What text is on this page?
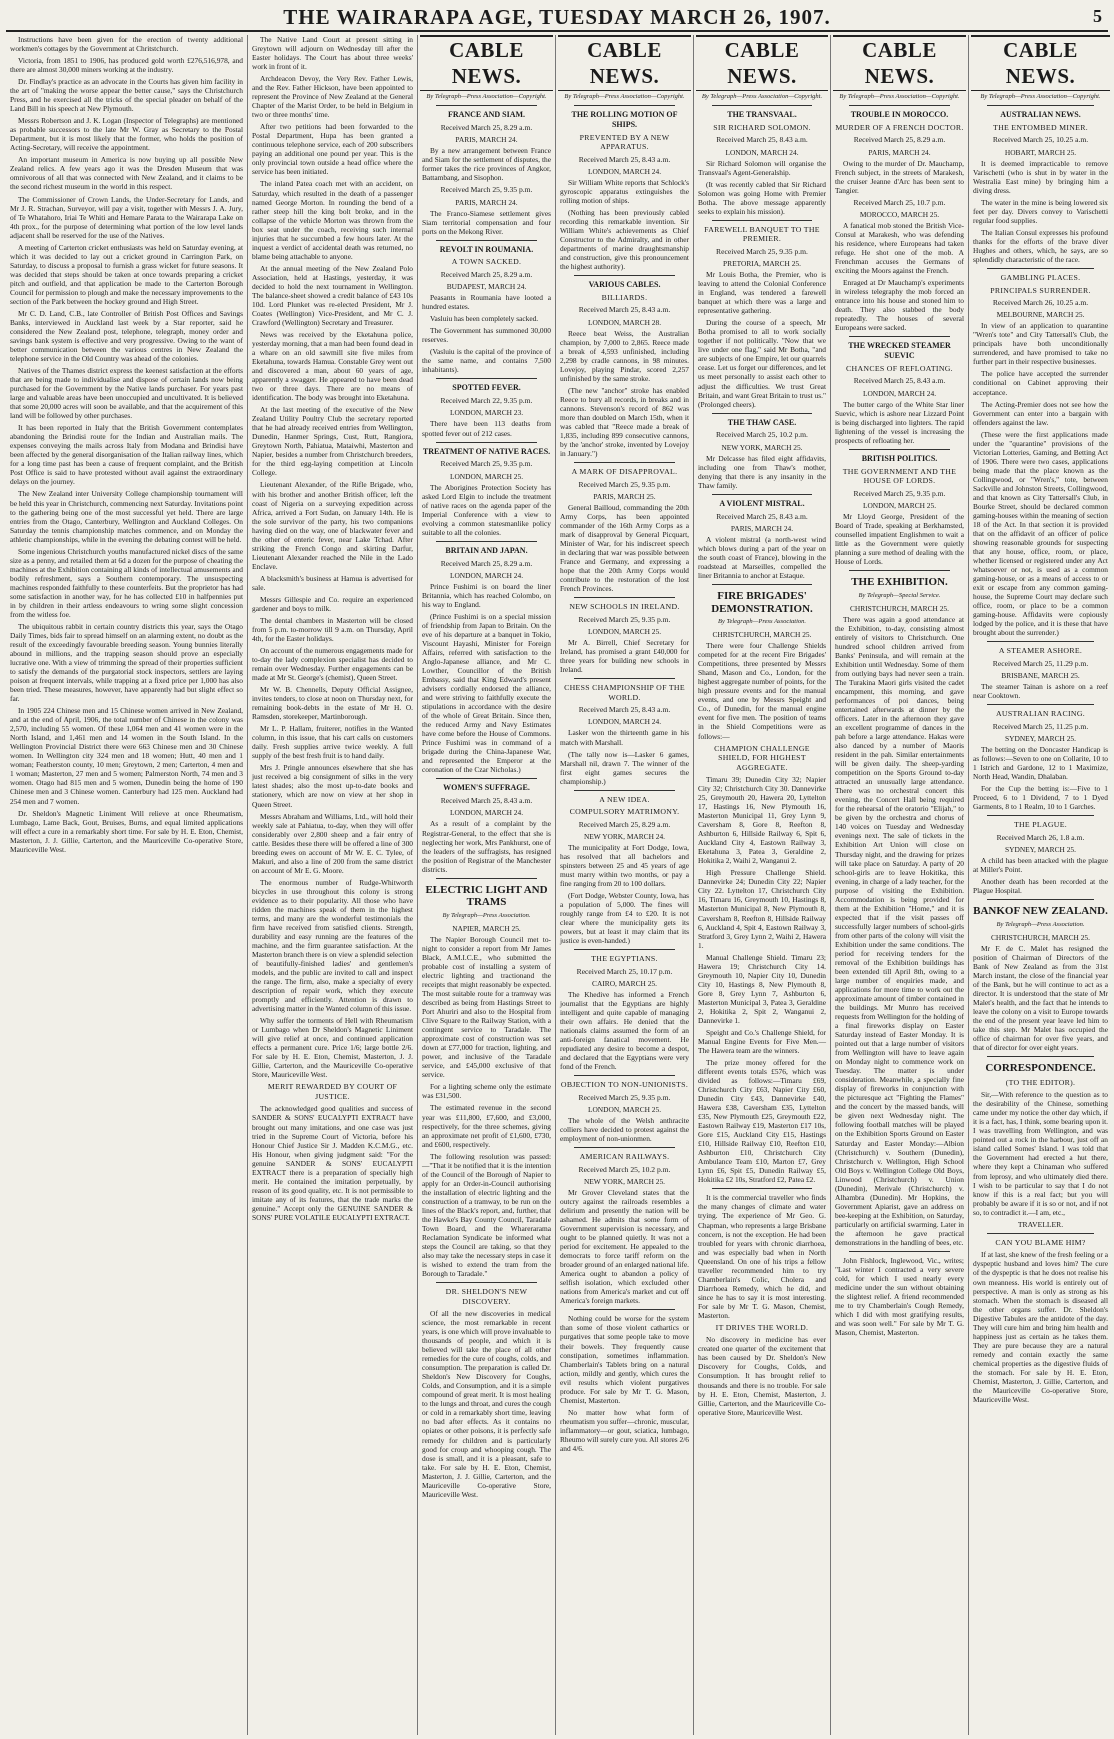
THE WAIRARAPA AGE, TUESDAY MARCH 26, 1907.	5

Instructions have been given for the erection of twenty additional workmen's cottages by the Government at Chritstchurch.

Victoria, from 1851 to 1906, has produced gold worth £276,516,978, and there are almost 30,000 miners working at the industry.

Dr. Findlay's practice as an advocate in the Courts has given him facility in the art of "making the worse appear the better cause," says the Christchurch Press, and he exercised all the tricks of the special pleader on behalf of the Land Bill in his speech at New Plymouth.

Messrs Robertson and J. K. Logan (Inspector of Telegraphs) are mentioned as probable successors to the late Mr W. Gray as Secretary to the Postal Department, but it is most likely that the former, who holds the position of Acting-Secretary, will receive the appointment.

An important museum in America is now buying up all possible New Zealand relics. A few years ago it was the Dresden Museum that was omnivorous of all that was connected with New Zealand, and it claims to be the second richest museum in the world in this respect.

The Commissioner of Crown Lands, the Under-Secretary for Lands, and Mr J. R. Strachan, Surveyor, will pay a visit, together with Messrs J. A. Jury, of Te Whatahoro, Iriai Te Whiti and Hemare Parata to the Wairarapa Lake on 4th prox., for the purpose of determining what portion of the low level lands adjacent shall be reserved for the use of the Natives.

A meeting of Carterton cricket enthusiasts was held on Saturday evening, at which it was decided to lay out a cricket ground in Carrington Park, on Saturday, to discuss a proposal to furnish a grass wicket for future seasons. It was decided that steps should be taken at once towards preparing a cricket pitch and outfield, and that application be made to the Carterton Borough Council for permission to plough and make the necessary improvements to the section of the Park between the hockey ground and High Street.

Mr C. D. Land, C.B., late Controller of British Post Offices and Savings Banks, interviewed in Auckland last week by a Star reporter, said he considered the New Zealand post, telephone, telegraph, money order and savings bank system is effective and very progressive. Owing to the want of better communication between the various centres in New Zealand the telephone service in the Old Country was ahead of the colonies.

Natives of the Thames district express the keenest satisfaction at the efforts that are being made to individualise and dispose of certain lands now being purchased for the Government by the Native lands purchaser. For years past large and valuable areas have been unoccupied and uncultivated. It is believed that some 20,000 acres will soon be available, and that the acquirement of this land will be followed by other purchases.

It has been reported in Italy that the British Government contemplates abandoning the Brindisi route for the Indian and Australian mails. The expenses conveying the mails across Italy from Modana and Brindisi have been affected by the general disorganisation of the Italian railway lines, which for a long time past has been a cause of frequent complaint, and the British Post Office is said to have protested without avail against the extraordinary delays on the journey.

The New Zealand inter University College championship tournament will be held this year in Christchurch, commencing next Saturday. Invitations point to the gathering being one of the most successful yet held. There are large entries from the Otago, Canterbury, Wellington and Auckland Colleges. On Saturday the tennis championship matches commence, and on Monday the athletic championships, while in the evening the debating contest will be held.

Some ingenious Christchurch youths manufactured nickel discs of the same size as a penny, and retailed them at 6d a dozen for the purpose of cheating the machines at the Exhibition containing all kinds of intellectual amusements and bodily refreshment, says a Southern contemporary. The unsuspecting machines responded faithfully to these counterfeits. But the proprietor has had some satisfaction in another way, for he has collected £10 in halfpennies put in by children in their artless endeavours to wring some slight concession from the witless foe.

The ubiquitous rabbit in certain country districts this year, says the Otago Daily Times, bids fair to spread himself on an alarming extent, no doubt as the result of the exceedingly favourable breeding season. Young bunnies literally abound in millions, and the trapping season should prove an especially lucrative one. With a view of trimming the spread of their properties sufficient to satisfy the demands of the purgatorial stock inspectors, settlers are laying poison at frequent intervals, while trapping at a fixed price per 1,000 has also been tried. These measures, however, have apparently had but slight effect so far.

In 1905 224 Chinese men and 15 Chinese women arrived in New Zealand, and at the end of April, 1906, the total number of Chinese in the colony was 2,570, including 55 women. Of these 1,064 men and 41 women were in the North Island, and 1,461 men and 14 women in the South Island. In the Wellington Provincial District there were 663 Chinese men and 30 Chinese women. In Wellington city 324 men and 18 women; Hutt, 40 men and 1 woman; Featherston county, 10 men; Greytown, 2 men; Carterton, 4 men and 1 woman; Masterton, 27 men and 5 women; Palmerston North, 74 men and 3 women. Otago had 815 men and 5 women, Dunedin being the home of 190 Chinese men and 3 Chinese women. Canterbury had 125 men. Auckland had 254 men and 7 women.

Dr. Sheldon's Magnetic Liniment Will relieve at once Rheumatism, Lumbago, Lame Back, Gout, Bruises, Burns, and equal limited applications will effect a cure in a remarkably short time. For sale by H. E. Eton, Chemist, Masterton, J. J. Gillie, Carterton, and the Mauriceville Co-operative Store, Mauriceville West.

The Native Land Court at present sitting in Greytown will adjourn on Wednesday till after the Easter holidays. The Court has about three weeks' work in front of it.

Archdeacon Devoy, the Very Rev. Father Lewis, and the Rev. Father Hickson, have been appointed to represent the Province of New Zealand at the General Chapter of the Marist Order, to be held in Belgium in two or three months' time.

After two petitions had been forwarded to the Postal Department, Hupa has been granted a continuous telephone service, each of 200 subscribers paying an additional one pound per year. This is the only provincial town outside a head office where the service has been initiated.

The inland Patea coach met with an accident, on Saturday, which resulted in the death of a passenger named George Morton. In rounding the bend of a rather steep hill the king bolt broke, and in the collapse of the vehicle Morton was thrown from the box seat under the coach, receiving such internal injuries that he succumbed a few hours later. At the inquest a verdict of accidental death was returned, no blame being attachable to anyone.

At the annual meeting of the New Zealand Polo Association, held at Hastings, yesterday, it was decided to hold the next tournament in Wellington. The balance-sheet showed a credit balance of £43 10s 10d. Lord Plunket was re-elected President, Mr J. Coates (Wellington) Vice-President, and Mr C. J. Crawford (Wellington) Secretary and Treasurer.

News was received by the Eketahuna police, yesterday morning, that a man had been found dead in a whare on an old sawmill site five miles from Eketahuna, towards Hamua. Constable Grey went out and discovered a man, about 60 years of age, apparently a swagger. He appeared to have been dead two or three days. There are no means of identification. The body was brought into Eketahuna.

At the last meeting of the executive of the New Zealand Utility Poultry Club the secretary reported that he had already received entries from Wellington, Dunedin, Hanmer Springs, Cust, Rutt, Rangiora, Greytown North, Pahiatua, Mataiwhi, Masterton and Napier, besides a number from Christchurch breeders, for the third egg-laying competition at Lincoln College.

Lieutenant Alexander, of the Rifle Brigade, who, with his brother and another British officer, left the coast of Nigeria on a surveying expedition across Africa, arrived a Fort Sudan, on January 14th. He is the sole survivor of the party, his two companions having died on the way, one of blackwater fever and the other of enteric fever, near Lake Tchad. After striking the French Congo and skirting Darfur, Lieutenant Alexander reached the Nile in the Lado Enclave.

A blacksmith's business at Hamua is advertised for sale.

Messrs Gillespie and Co. require an experienced gardener and boys to milk.

The dental chambers in Masterton will be closed from 5 p.m. to-morrow till 9 a.m. on Thursday, April 4th, for the Easter holidays.

On account of the numerous engagements made for to-day the lady complexion specialist has decided to remain over Wednesday. Further engagements can be made at Mr St. George's (chemist), Queen Street.

Mr W. B. Chennells, Deputy Official Assignee, invites tenders, to close at noon on Thursday next, for remaining book-debts in the estate of Mr H. O. Ramsden, storekeeper, Martinborough.

Mr L. P. Hallam, fruiterer, notifies in the Wanted column, in this issue, that his cart calls on customers daily. Fresh supplies arrive twice weekly. A full supply of the best fresh fruit is to hand daily.

Mrs J. Pringle announces elsewhere that she has just received a big consignment of silks in the very latest shades; also the most up-to-date books and stationery, which are now on view at her shop in Queen Street.

Messrs Abraham and Williams, Ltd., will hold their weekly sale at Pahiatua, to-day, when they will offer considerably over 2,800 sheep and a fair entry of cattle. Besides these there will be offered a line of 300 breeding ewes on account of Mr W. E. C. Tylee, of Makuri, and also a line of 200 from the same district on account of Mr E. G. Moore.

The enormous number of Rudge-Whitworth bicycles in use throughout this colony is strong evidence as to their popularity. All those who have ridden the machines speak of them in the highest terms, and many are the wonderful testimonials the firm have received from satisfied clients. Strength, durability and easy running are the features of the machine, and the firm guarantee satisfaction. At the Masterton branch there is on view a splendid selection of beautifully-finished ladies' and gentlemen's models, and the public are invited to call and inspect the range. The firm, also, make a specialty of every description of repair work, which they execute promptly and efficiently. Attention is drawn to advertising matter in the Wanted column of this issue.

Why suffer the torments of Hell with Rheumatism or Lumbago when Dr Sheldon's Magnetic Liniment will give relief at once, and continued application effects a permanent cure. Price 1/6; large bottle 2/6. For sale by H. E. Eton, Chemist, Masterton, J. J. Gillie, Carterton, and the Mauriceville Co-operative Store, Mauriceville West.

MERIT REWARDED BY COURT OF JUSTICE.

The acknowledged good qualities and success of SANDER & SONS' EUCALYPTI EXTRACT have brought out many imitations, and one case was just tried in the Supreme Court of Victoria, before his Honour Chief Justice Sir J. Madden K.C.M.G., etc. His Honour, when giving judgment said: "For the genuine SANDER & SONS' EUCALYPTI EXTRACT there is a preparation of specially high merit. He contained the imitation perpetually, by reason of its good quality, etc. It is not permissible to imitate any of its features, that the trade marks the genuine." Accept only the GENUINE SANDER & SONS' PURE VOLATILE EUCALYPTI EXTRACT.

CABLE NEWS.
By Telegraph—Press Association—Copyright.
FRANCE AND SIAM.
Received March 25, 8.29 a.m.
PARIS, MARCH 24.

By a new arrangement between France and Siam for the settlement of disputes, the former takes the rice provinces of Angkor, Battambang, and Sisophon.

Received March 25, 9.35 p.m.
PARIS, MARCH 24.

The Franco-Siamese settlement gives Siam territorial compensation and four ports on the Mekong River.

REVOLT IN ROUMANIA.
A TOWN SACKED.
Received March 25, 8.29 a.m.
BUDAPEST, MARCH 24.

Peasants in Roumania have looted a hundred estates.

Vasluiu has been completely sacked.

The Government has summoned 30,000 reserves.

(Vasluiu is the capital of the province of the same name, and contains 7,500 inhabitants).

SPOTTED FEVER.
Received March 22, 9.35 p.m.
LONDON, MARCH 23.

There have been 113 deaths from spotted fever out of 212 cases.

TREATMENT OF NATIVE RACES.
Received March 25, 9.35 p.m.
LONDON, MARCH 25.

The Aborigines Protection Society has asked Lord Elgin to include the treatment of native races on the agenda paper of the Imperial Conference with a view to evolving a common statesmanlike policy suitable to all the colonies.

BRITAIN AND JAPAN.
Received March 25, 8.29 a.m.
LONDON, MARCH 24.

Prince Fushimi is on board the liner Britannia, which has reached Colombo, on his way to England.

(Prince Fushimi is on a special mission of friendship from Japan to Britain. On the eve of his departure at a banquet in Tokio, Viscount Hayashi, Minister for Foreign Affairs, referred with satisfaction to the Anglo-Japanese alliance, and Mr C. Lowther, Councillor of the British Embassy, said that King Edward's present advisers cordially endorsed the alliance, and were striving to faithfully execute the stipulations in accordance with the desire of the whole of Great Britain. Since then, the reduced Army and Navy Estimates have come before the House of Commons. Prince Fushimi was in command of a brigade during the China-Japanese War, and represented the Emperor at the coronation of the Czar Nicholas.)

WOMEN'S SUFFRAGE.
Received March 25, 8.43 a.m.
LONDON, MARCH 24.

As a result of a complaint by the Registrar-General, to the effect that she is neglecting her work, Mrs Pankhurst, one of the leaders of the suffragists, has resigned the position of Registrar of the Manchester districts.

ELECTRIC LIGHT AND TRAMS
By Telegraph—Press Association.
NAPIER, MARCH 25.

The Napier Borough Council met to-night to consider a report from Mr James Black, A.M.I.C.E., who submitted the probable cost of installing a system of electric lighting and tractionand the receipts that might reasonably be expected. The most suitable route for a tramway was described as being from Hastings Street to Port Ahuriri and also to the Hospital from Clive Square to the Railway Station, with a contingent service to Taradale. The approximate cost of construction was set down at £77,000 for traction, lighting, and power, and inclusive of the Taradale service, and £45,000 exclusive of that service.

For a lighting scheme only the estimate was £31,500.

The estimated revenue in the second year was £11,800, £7,600, and £3,000, respectively, for the three schemes, giving an approximate net profit of £1,600, £730, and £600, respectively.

The following resolution was passed:—"That it be notified that it is the intention of the Council of the Borough of Napier to apply for an Order-in-Council authorising the installation of electric lighting and the construction of a tramway, to be run on the lines of the Black's report, and, further, that the Hawke's Bay County Council, Taradale Town Board, and the Wharerarama Reclamation Syndicate be informed what steps the Council are taking, so that they also may take the necessary steps in case it is wished to extend the tram from the Borough to Taradale."

DR. SHELDON'S NEW DISCOVERY.

Of all the new discoveries in medical science, the most remarkable in recent years, is one which will prove invaluable to thousands of people, and which it is believed will take the place of all other remedies for the cure of coughs, colds, and consumption. The preparation is called Dr. Sheldon's New Discovery for Coughs, Colds, and Consumption, and it is a simple compound of great merit. It is most healing to the lungs and throat, and cures the cough or cold in a remarkably short time, leaving no bad after effects. As it contains no opiates or other poisons, it is perfectly safe remedy for children and is particularly good for croup and whooping cough. The dose is small, and it is a pleasant, safe to take. For sale by H. E. Eton, Chemist, Masterton, J. J. Gillie, Carterton, and the Mauriceville Co-operative Store, Mauriceville West.

CABLE NEWS.
By Telegraph—Press Association—Copyright.
THE ROLLING MOTION OF SHIPS.
PREVENTED BY A NEW APPARATUS.
Received March 25, 8.43 a.m.
LONDON, MARCH 24.

Sir William White reports that Schlock's gyroscopic apparatus extinguishes the rolling motion of ships.

(Nothing has been previously cabled recording this remarkable invention. Sir William White's achievements as Chief Constructor to the Admiralty, and in other departments of marine draughtsmanship and construction, give this pronouncement the highest authority).

VARIOUS CABLES.
BILLIARDS.
Received March 25, 8.43 a.m.
LONDON, MARCH 28.

Reece beat Weiss, the Australian champion, by 7,000 to 2,865. Reece made a break of 4,593 unfinished, including 2,298 by cradle cannons, in 98 minutes. Lovejoy, playing Pindar, scored 2,257 unfinished by the same stroke.

(The new "anchor" stroke has enabled Reece to bury all records, in breaks and in cannons. Stevenson's record of 862 was more than doubled on March 15th, when it was cabled that "Reece made a break of 1,835, including 899 consecutive cannons, by the 'anchor' stroke, invented by Lovejoy in January.")

A MARK OF DISAPPROVAL.
Received March 25, 9.35 p.m.
PARIS, MARCH 25.

General Bailloud, commanding the 20th Army Corps, has been appointed commander of the 16th Army Corps as a mark of disapproval by General Picquart, Minister of War, for his indiscreet speech in declaring that war was possible between France and Germany, and expressing a hope that the 20th Army Corps would contribute to the restoration of the lost French Provinces.

NEW SCHOOLS IN IRELAND.
Received March 25, 9.35 p.m.
LONDON, MARCH 25.

Mr A. Birrell, Chief Secretary for Ireland, has promised a grant £40,000 for three years for building new schools in Ireland.

CHESS CHAMPIONSHIP OF THE WORLD.
Received March 25, 8.43 a.m.
LONDON, MARCH 24.

Lasker won the thirteenth game in his match with Marshall.

(The tally now is—Lasker 6 games, Marshall nil, drawn 7. The winner of the first eight games secures the championship.)

A NEW IDEA.
COMPULSORY MATRIMONY.
Received March 25, 8.29 a.m.
NEW YORK, MARCH 24.

The municipality at Fort Dodge, Iowa, has resolved that all bachelors and spinsters between 25 and 45 years of age must marry within two months, or pay a fine ranging from 20 to 100 dollars.

(Fort Dodge, Webster County, Iowa, has a population of 5,000. The fines will roughly range from £4 to £20. It is not clear where the municipality gets its powers, but at least it may claim that its justice is even-handed.)

THE EGYPTIANS.
Received March 25, 10.17 p.m.
CAIRO, MARCH 25.

The Khedive has informed a French journalist that the Egyptians are highly intelligent and quite capable of managing their own affairs. He denied that the nationals claims assumed the form of an anti-foreign fanatical movement. He repudiated any desire to become a despot, and declared that the Egyptians were very fond of the French.

OBJECTION TO NON-UNIONISTS.
Received March 25, 9.35 p.m.
LONDON, MARCH 25.

The whole of the Welsh anthracite colliers have decided to protest against the employment of non-unionmen.

AMERICAN RAILWAYS.
Received March 25, 10.2 p.m.
NEW YORK, MARCH 25.

Mr Grover Cleveland states that the outcry against the railroads resembles a delirium and presently the nation will be ashamed. He admits that some form of Government supervision is necessary, and ought to be planned quietly. It was not a period for excitement. He appealed to the democrats to force tariff reform on the broader ground of an enlarged national life. America ought to abandon a policy of selfish isolation, which excluded other nations from America's market and cut off America's foreign markets.

Nothing could be worse for the system than some of those violent cathartics or purgatives that some people take to move their bowels. They frequently cause constipation, sometimes inflammation. Chamberlain's Tablets bring on a natural action, mildly and gently, which cures the evil results which violent purgatives produce. For sale by Mr T. G. Mason, Chemist, Masterton.

No matter how what form of rheumatism you suffer—chronic, muscular, inflammatory—or gout, sciatica, lumbago, Rheumo will surely cure you. All stores 2/6 and 4/6.

CABLE NEWS.
By Telegraph—Press Association—Copyright.
THE TRANSVAAL.
SIR RICHARD SOLOMON.
Received March 25, 8.43 a.m.
LONDON, MARCH 24.

Sir Richard Solomon will organise the Transvaal's Agent-Generalship.

(It was recently cabled that Sir Richard Solomon was going Home with Premier Botha. The above message apparently seeks to explain his mission).

FAREWELL BANQUET TO THE PREMIER.
Received March 25, 9.35 p.m.
PRETORIA, MARCH 25.

Mr Louis Botha, the Premier, who is leaving to attend the Colonial Conference in England, was tendered a farewell banquet at which there was a large and representative gathering.

During the course of a speech, Mr Botha promised to all to work socially together if not politically. "Now that we live under one flag," said Mr Botha, "and are subjects of one Empire, let our quarrels cease. Let us forget our differences, and let us meet personally to assist each other to adjust the difficulties. We trust Great Britain, and want Great Britain to trust us." (Prolonged cheers).

THE THAW CASE.
Received March 25, 10.2 p.m.
NEW YORK, MARCH 25.

Mr Delcasse has filed eight affidavits, including one from Thaw's mother, denying that there is any insanity in the Thaw family.

A VIOLENT MISTRAL.
Received March 25, 8.43 a.m.
PARIS, MARCH 24.

A violent mistral (a north-west wind which blows during a part of the year on the south coast of France), blowing in the roadstead at Marseilles, compelled the liner Britannia to anchor at Estaque.

FIRE BRIGADES' DEMONSTRATION.
By Telegraph—Press Association.
CHRISTCHURCH, MARCH 25.

There were four Challenge Shields competed for at the recent Fire Brigades' Competitions, three presented by Messrs Shand, Mason and Co., London, for the highest aggregate number of points, for the high pressure events and for the manual events, and one by Messrs Speight and Co., of Dunedin, for the manual engine event for five men. The position of teams in the Shield Competitions were as follows:—

CHAMPION CHALLENGE SHIELD, FOR HIGHEST AGGREGATE.

Timaru 39; Dunedin City 32; Napier City 32; Christchurch City 30. Dannevirke 25, Greymouth 20, Hawera 20, Lyttelton 17, Hastings 16, New Plymouth 16, Masterton Municipal 11, Grey Lynn 9, Caversham 8, Gore 8, Reefton 8, Ashburton 6, Hillside Railway 6, Spit 6, Auckland City 4, Eastown Railway 3, Eketahuna 3, Patea 3, Geraldine 2, Hokitika 2, Waihi 2, Wanganui 2.

High Pressure Challenge Shield. Dannevirke 24; Dunedin City 22; Napier City 22. Lyttelton 17, Christchurch City 16, Timaru 16, Greymouth 10, Hastings 8, Masterton Municipal 8, New Plymouth 8, Caversham 8, Reefton 8, Hillside Railway 6, Auckland 4, Spit 4, Eastown Railway 3, Stratford 3, Grey Lynn 2, Waihi 2, Hawera 1.

Manual Challenge Shield. Timaru 23; Hawera 19; Christchurch City 14. Greymouth 10, Napier City 10, Dunedin City 10, Hastings 8, New Plymouth 8, Gore 8, Grey Lynn 7, Ashburton 6, Masterton Municipal 3, Patea 3, Geraldine 2, Hokitika 2, Spit 2, Wanganui 2, Dannevirke 1.

Speight and Co.'s Challenge Shield, for Manual Engine Events for Five Men.—The Hawera team are the winners.

The prize money offered for the different events totals £576, which was divided as follows:—Timaru £69, Christchurch City £63, Napier City £60, Dunedin City £43, Dannevirke £40, Hawera £38, Caversham £35, Lyttelton £35, New Plymouth £25, Greymouth £22, Eastown Railway £19, Masterton £17 10s, Gore £15, Auckland City £15, Hastings £10, Hillside Railway £10, Reefton £10, Ashburton £10, Christchurch City Ambulance Team £10, Marton £7, Grey Lynn £6, Spit £5, Dunedin Railway £5, Hokitika £2 10s, Stratford £2, Patea £2.

It is the commercial traveller who finds the many changes of climate and water trying. The experience of Mr Geo. G. Chapman, who represents a large Brisbane concern, is not the exception. He had been troubled for years with chronic diarrhoea, and was especially bad when in North Queensland. On one of his trips a fellow traveller recommended him to try Chamberlain's Colic, Cholera and Diarrhoea Remedy, which he did, and since he has to say it is most interesting. For sale by Mr T. G. Mason, Chemist, Masterton.

IT DRIVES THE WORLD.

No discovery in medicine has ever created one quarter of the excitement that has been caused by Dr. Sheldon's New Discovery for Coughs, Colds, and Consumption. It has brought relief to thousands and there is no trouble. For sale by H. E. Eton, Chemist, Masterton, J. Gillie, Carterton, and the Mauriceville Co-operative Store, Mauriceville West.

CABLE NEWS.
By Telegraph—Press Association—Copyright.
TROUBLE IN MOROCCO.
MURDER OF A FRENCH DOCTOR.
Received March 25, 8.29 a.m.
PARIS, MARCH 24.

Owing to the murder of Dr. Mauchamp, French subject, in the streets of Marakesh, the cruiser Jeanne d'Arc has been sent to Tangier.

Received March 25, 10.7 p.m.
MOROCCO, MARCH 25.

A fanatical mob stoned the British Vice-Consul at Marakesh, who was defending his residence, where Europeans had taken refuge. He shot one of the mob. A Frenchman accuses the Germans of exciting the Moors against the French.

Enraged at Dr Mauchamp's experiments in wireless telegraphy the mob forced an entrance into his house and stoned him to death. They also stabbed the body repeatedly. The houses of several Europeans were sacked.

THE WRECKED STEAMER SUEVIC
CHANCES OF REFLOATING.
Received March 25, 8.43 a.m.
LONDON, MARCH 24.

The butter cargo of the White Star liner Suevic, which is ashore near Lizzard Point is being discharged into lighters. The rapid lightening of the vessel is increasing the prospects of refloating her.

BRITISH POLITICS.
THE GOVERNMENT AND THE HOUSE OF LORDS.
Received March 25, 9.35 p.m.
LONDON, MARCH 25.

Mr Lloyd George, President of the Board of Trade, speaking at Berkhamsted, counselled impatient Englishmen to wait a little as the Government were quietly planning a sure method of dealing with the House of Lords.

THE EXHIBITION.
By Telegraph—Special Service.
CHRISTCHURCH, MARCH 25.

There was again a good attendance at the Exhibition, to-day, consisting almost entirely of visitors to Christchurch. One hundred school children arrived from Banks' Peninsula, and will remain at the Exhibition until Wednesday. Some of them from outlying bays had never seen a train. The Turakina Maori girls visited the cadet encampment, this morning, and gave performances of poi dances, being entertained afterwards at dinner by the officers. Later in the afternoon they gave an excellent programme of dances in the pah before a large attendance. Hakas were also danced by a number of Maoris resident in the pah. Similar entertainments will be given daily. The sheep-yarding competition on the Sports Ground to-day attracted an unusually large attendance. There was no orchestral concert this evening, the Concert Hall being required for the rehearsal of the oratorio "Elijah," to be given by the orchestra and chorus of 140 voices on Tuesday and Wednesday evenings next. The sale of tickets in the Exhibition Art Union will close on Thursday night, and the drawing for prizes will take place on Saturday. A party of 20 school-girls are to leave Hokitika, this evening, in charge of a lady teacher, for the purpose of visiting the Exhibition. Accommodation is being provided for them at the Exhibition "Home," and it is expected that if the visit passes off successfully larger numbers of school-girls from other parts of the colony will visit the Exhibition under the same conditions. The period for receiving tenders for the removal of the Exhibition buildings has been extended till April 8th, owing to a large number of enquiries made, and applications for more time to work out the approximate amount of timber contained in the buildings. Mr Munro has received requests from Wellington for the holding of a final fireworks display on Easter Saturday instead of Easter Monday. It is pointed out that a large number of visitors from Wellington will have to leave again on Monday night to commence work on Tuesday. The matter is under consideration. Meanwhile, a specially fine display of fireworks in conjunction with the picturesque act "Fighting the Flames" and the concert by the massed bands, will be given next Wednesday night. The following football matches will be played on the Exhibition Sports Ground on Easter Saturday and Easter Monday:—Albion (Christchurch) v. Southern (Dunedin), Christchurch v. Wellington, High School Old Boys v. Wellington College Old Boys, Linwood (Christchurch) v. Union (Dunedin), Merivale (Christchurch) v. Alhambra (Dunedin). Mr Hopkins, the Government Apiarist, gave an address on bee-keeping at the Exhibition, on Saturday, particularly on artificial swarming. Later in the afternoon he gave practical demonstrations in the handling of bees, etc.

John Fishlock, Inglewood, Vic., writes; "Last winter I contracted a very severe cold, for which I used nearly every medicine under the sun without obtaining the slightest relief. A friend recommended me to try Chamberlain's Cough Remedy, which I did with most gratifying results, and was soon well." For sale by Mr T. G. Mason, Chemist, Masterton.

CABLE NEWS.
By Telegraph—Press Association—Copyright.
AUSTRALIAN NEWS.
THE ENTOMBED MINER.
Received March 25, 10.25 a.m.
HOBART, MARCH 25.

It is deemed impracticable to remove Varischetti (who is shut in by water in the Westralia East mine) by bringing him a diving dress.

The water in the mine is being lowered six feet per day. Divers convey to Varischetti regular food supplies.

The Italian Consul expresses his profound thanks for the efforts of the brave diver Hughes and others, which, he says, are so splendidly characteristic of the race.

GAMBLING PLACES.
PRINCIPALS SURRENDER.
Received March 26, 10.25 a.m.
MELBOURNE, MARCH 25.

In view of an application to quarantine "Wren's tote" and City Tattersall's Club, the principals have both unconditionally surrendered, and have promised to take no further part in their respective businesses.

The police have accepted the surrender conditional on Cabinet approving their acceptance.

The Acting-Premier does not see how the Government can enter into a bargain with offenders against the law.

(These were the first applications made under the "quarantine" provisions of the Victorian Lotteries, Gaming, and Betting Act of 1906. There were two cases, applications being made that the place known as the Collingwood, or "Wren's," tote, between Sackville and Johnston Streets, Collingwood, and that known as City Tattersall's Club, in Bourke Street, should be declared common gaming-houses within the meaning of section 18 of the Act. In that section it is provided that on the affidavit of an officer of police showing reasonable grounds for suspecting that any house, office, room, or place, whether licensed or registered under any Act whatsoever or not, is used as a common gaming-house, or as a means of access to or exit or escape from any common gaming-house, the Supreme Court may declare such office, room, or place to be a common gaming-house. Affidavits were copiously lodged by the police, and it is these that have brought about the surrender.)

A STEAMER ASHORE.
Received March 25, 11.29 p.m.
BRISBANE, MARCH 25.

The steamer Tainan is ashore on a reef near Cooktown.

AUSTRALIAN RACING.
Received March 25, 11.25 p.m.
SYDNEY, MARCH 25.

The betting on the Doncaster Handicap is as follows:—Seven to one on Collarite, 10 to 1 Istrich and Gardone, 12 to 1 Maximize, North Head, Wandin, Dhalaban.

For the Cup the betting is:—Five to 1 Proceed, 6 to 1 Dividend, 7 to 1 Dyed Garments, 8 to 1 Realm, 10 to 1 Garches.

THE PLAGUE.
Received March 26, 1.8 a.m.
SYDNEY, MARCH 25.

A child has been attacked with the plague at Miller's Point.

Another death has been recorded at the Plague Hospital.

BANKOF NEW ZEALAND.
By Telegraph—Press Association.
CHRISTCHURCH, MARCH 25.

Mr F. de C. Malet has resigned the position of Chairman of Directors of the Bank of New Zealand as from the 31st March instant, the close of the financial year of the Bank, but he will continue to act as a director. It is understood that the state of Mr Malet's health, and the fact that he intends to leave the colony on a visit to Europe towards the end of the present year leave led him to take this step. Mr Malet has occupied the office of chairman for over five years, and that of director for over eight years.

CORRESPONDENCE.
(TO THE EDITOR).

Sir,—With reference to the question as to the desirability of the Chinese, something came under my notice the other day which, if it is a fact, has, I think, some bearing upon it. I was travelling from Wellington, and was pointed out a rock in the harbour, just off an island called Somes' Island. I was told that the Government had erected a hut there, where they kept a Chinaman who suffered from leprosy, and who ultimately died there. I wish to be particular to say that I do not know if this is a real fact; but you will probably be aware if it is so or not, and if not so, to contradict it.—I am, etc.,

TRAVELLER.
CAN YOU BLAME HIM?

If at last, she knew of the fresh feeling or a dyspeptic husband and loves him? The cure of the dyspeptic is that he does not realise his own meanness. His world is entirely out of perspective. A man is only as strong as his stomach. When the stomach is diseased all the other organs suffer. Dr. Sheldon's Digestive Tabules are the antidote of the day. They will cure him and bring him health and happiness just as certain as he takes them. They are pure because they are a natural remedy and contain exactly the same chemical properties as the digestive fluids of the stomach. For sale by H. E. Eton, Chemist, Masterton, J. Gillie, Carterton, and the Mauriceville Co-operative Store, Mauriceville West.
